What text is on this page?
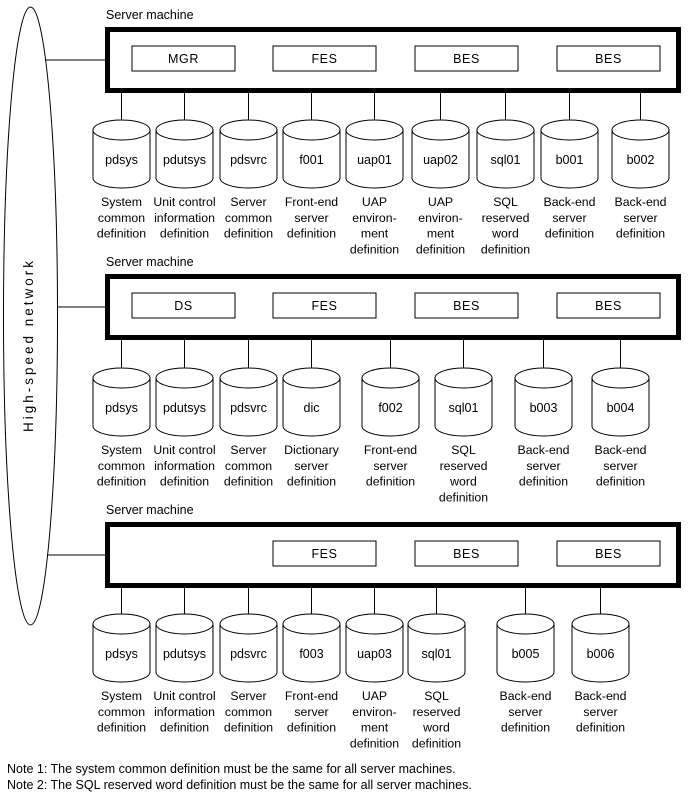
High-speed network
Server machine
MGR	FES	BES	BES
pdsys
System
common
definition
pdutsys
Unit control
information
definition
pdsvrc
Server
common
definition
f001
Front-end
server
definition
uap01
UAP
environ-
ment
definition
uap02
UAP
environ-
ment
definition
sql01
SQL
reserved
word
definition
b001
Back-end
server
definition
b002
Back-end
server
definition
Server machine
DS	FES	BES	BES
pdsys
System
common
definition
pdutsys
Unit control
information
definition
pdsvrc
Server
common
definition
dic
Dictionary
server
definition
f002
Front-end
server
definition
sql01
SQL
reserved
word
definition
b003
Back-end
server
definition
b004
Back-end
server
definition
Server machine
FES	BES	BES
pdsys
System
common
definition
pdutsys
Unit control
information
definition
pdsvrc
Server
common
definition
f003
Front-end
server
definition
uap03
UAP
environ-
ment
definition
sql01
SQL
reserved
word
definition
b005
Back-end
server
definition
b006
Back-end
server
definition
Note 1: The system common definition must be the same for all server machines.
Note 2: The SQL reserved word definition must be the same for all server machines.
